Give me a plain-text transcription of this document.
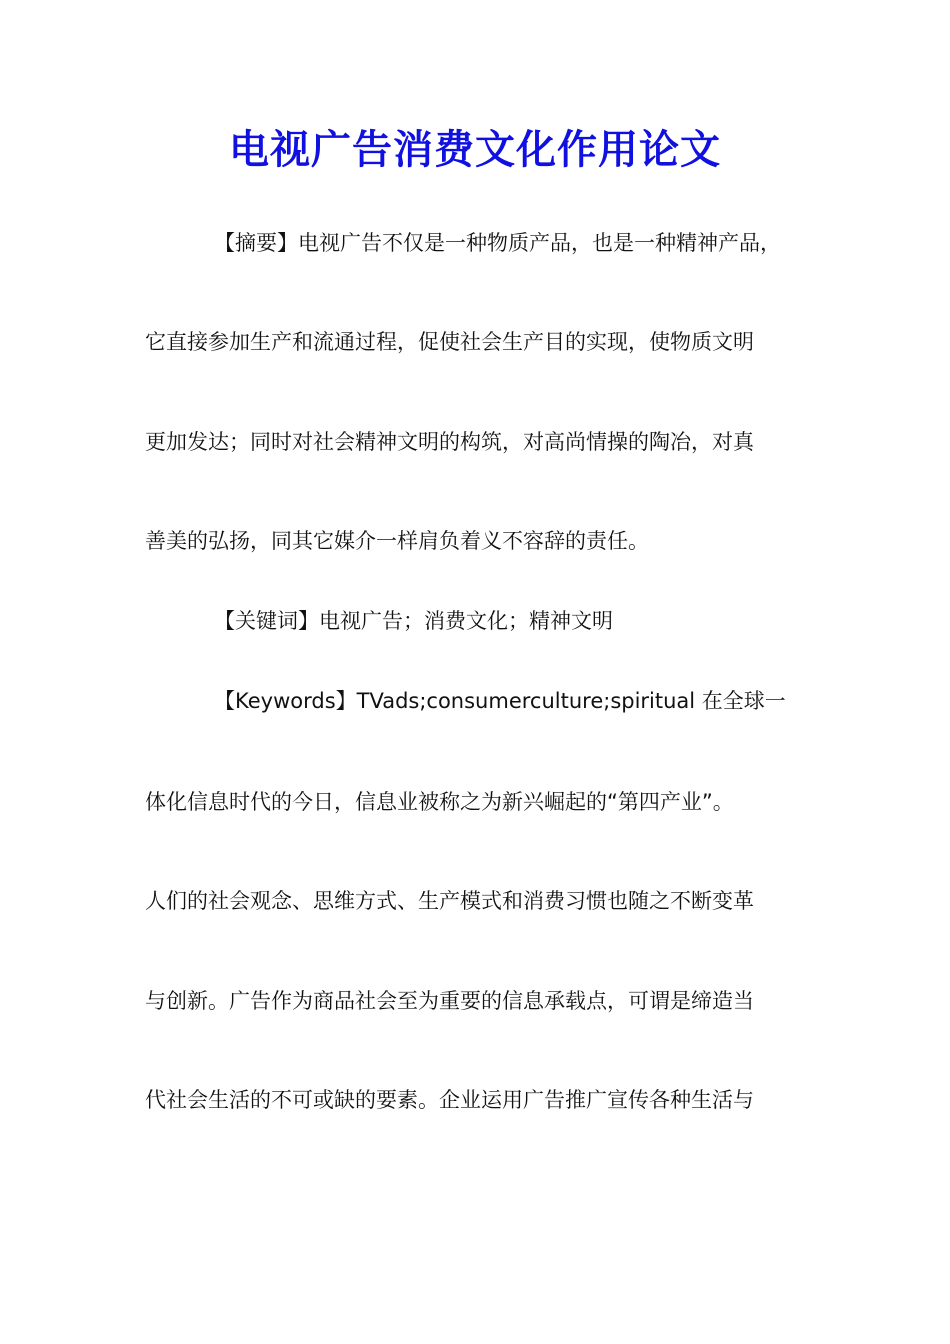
电视广告消费文化作用论文
【摘要】电视广告不仅是一种物质产品，也是一种精神产品，
它直接参加生产和流通过程，促使社会生产目的实现，使物质文明
更加发达；同时对社会精神文明的构筑，对高尚情操的陶冶，对真
善美的弘扬，同其它媒介一样肩负着义不容辞的责任。
【关键词】电视广告；消费文化；精神文明
【Keywords】TVads;consumerculture;spiritual 在全球一
体化信息时代的今日，信息业被称之为新兴崛起的“第四产业”。
人们的社会观念、思维方式、生产模式和消费习惯也随之不断变革
与创新。广告作为商品社会至为重要的信息承载点，可谓是缔造当
代社会生活的不可或缺的要素。企业运用广告推广宣传各种生活与
